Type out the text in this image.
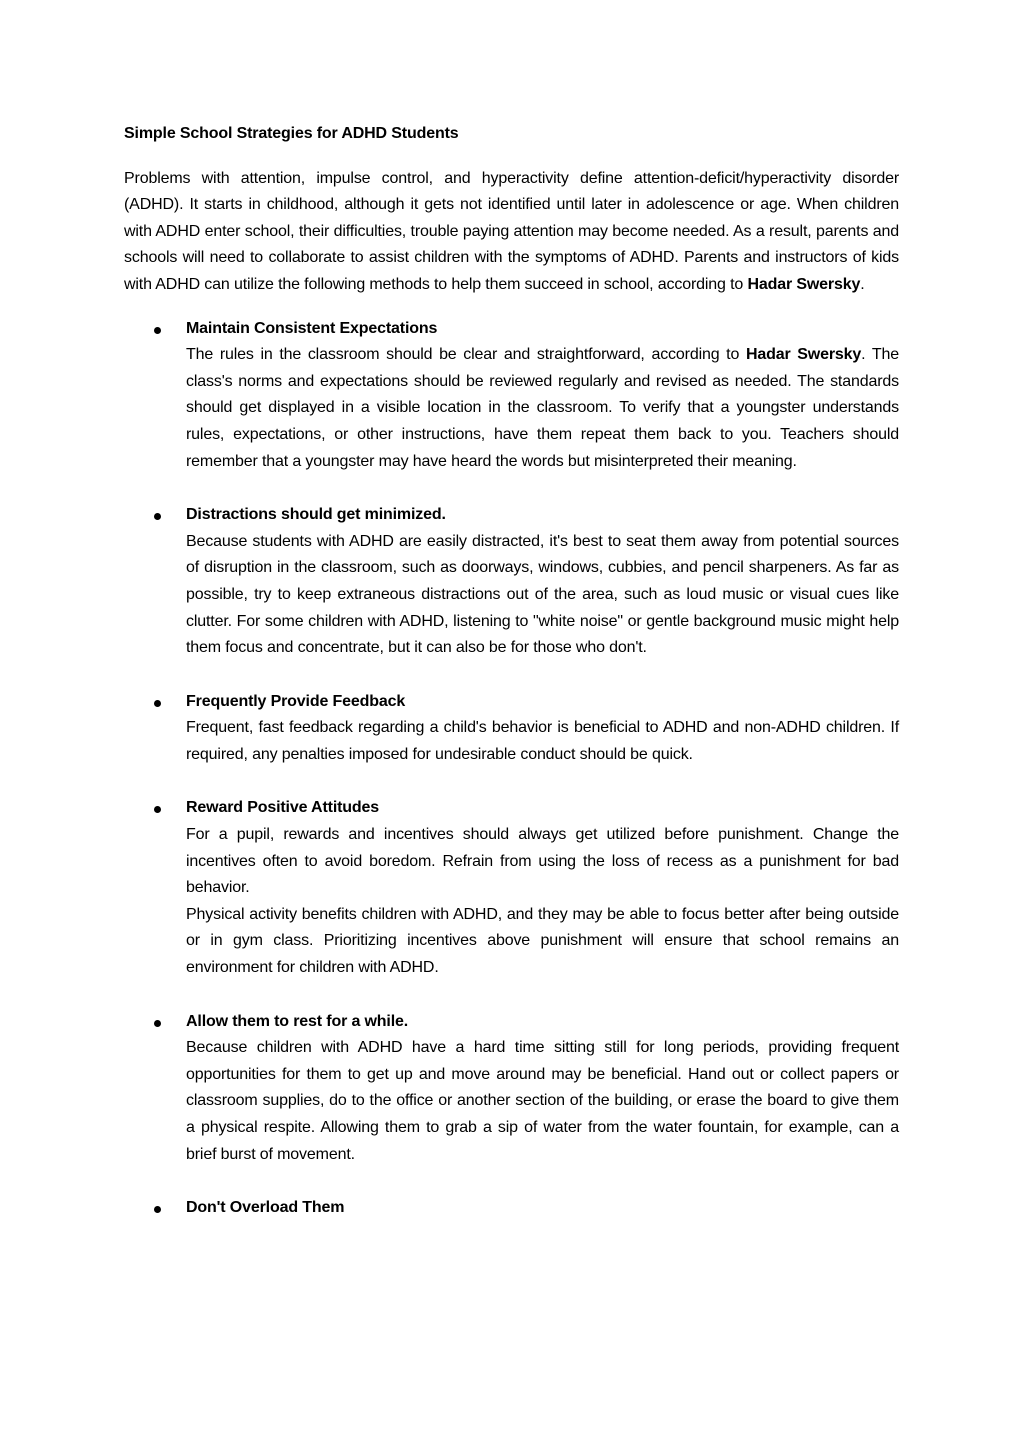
Simple School Strategies for ADHD Students

Problems with attention, impulse control, and hyperactivity define attention-deficit/hyperactivity disorder (ADHD). It starts in childhood, although it gets not identified until later in adolescence or age. When children with ADHD enter school, their difficulties, trouble paying attention may become needed. As a result, parents and schools will need to collaborate to assist children with the symptoms of ADHD. Parents and instructors of kids with ADHD can utilize the following methods to help them succeed in school, according to Hadar Swersky.

Maintain Consistent Expectations

The rules in the classroom should be clear and straightforward, according to Hadar Swersky. The class's norms and expectations should be reviewed regularly and revised as needed. The standards should get displayed in a visible location in the classroom. To verify that a youngster understands rules, expectations, or other instructions, have them repeat them back to you. Teachers should remember that a youngster may have heard the words but misinterpreted their meaning.

Distractions should get minimized.

Because students with ADHD are easily distracted, it's best to seat them away from potential sources of disruption in the classroom, such as doorways, windows, cubbies, and pencil sharpeners. As far as possible, try to keep extraneous distractions out of the area, such as loud music or visual cues like clutter. For some children with ADHD, listening to "white noise" or gentle background music might help them focus and concentrate, but it can also be for those who don't.

Frequently Provide Feedback

Frequent, fast feedback regarding a child's behavior is beneficial to ADHD and non-ADHD children. If required, any penalties imposed for undesirable conduct should be quick.

Reward Positive Attitudes

For a pupil, rewards and incentives should always get utilized before punishment. Change the incentives often to avoid boredom. Refrain from using the loss of recess as a punishment for bad behavior.

Physical activity benefits children with ADHD, and they may be able to focus better after being outside or in gym class. Prioritizing incentives above punishment will ensure that school remains an environment for children with ADHD.

Allow them to rest for a while.

Because children with ADHD have a hard time sitting still for long periods, providing frequent opportunities for them to get up and move around may be beneficial. Hand out or collect papers or classroom supplies, do to the office or another section of the building, or erase the board to give them a physical respite. Allowing them to grab a sip of water from the water fountain, for example, can a brief burst of movement.

Don't Overload Them
